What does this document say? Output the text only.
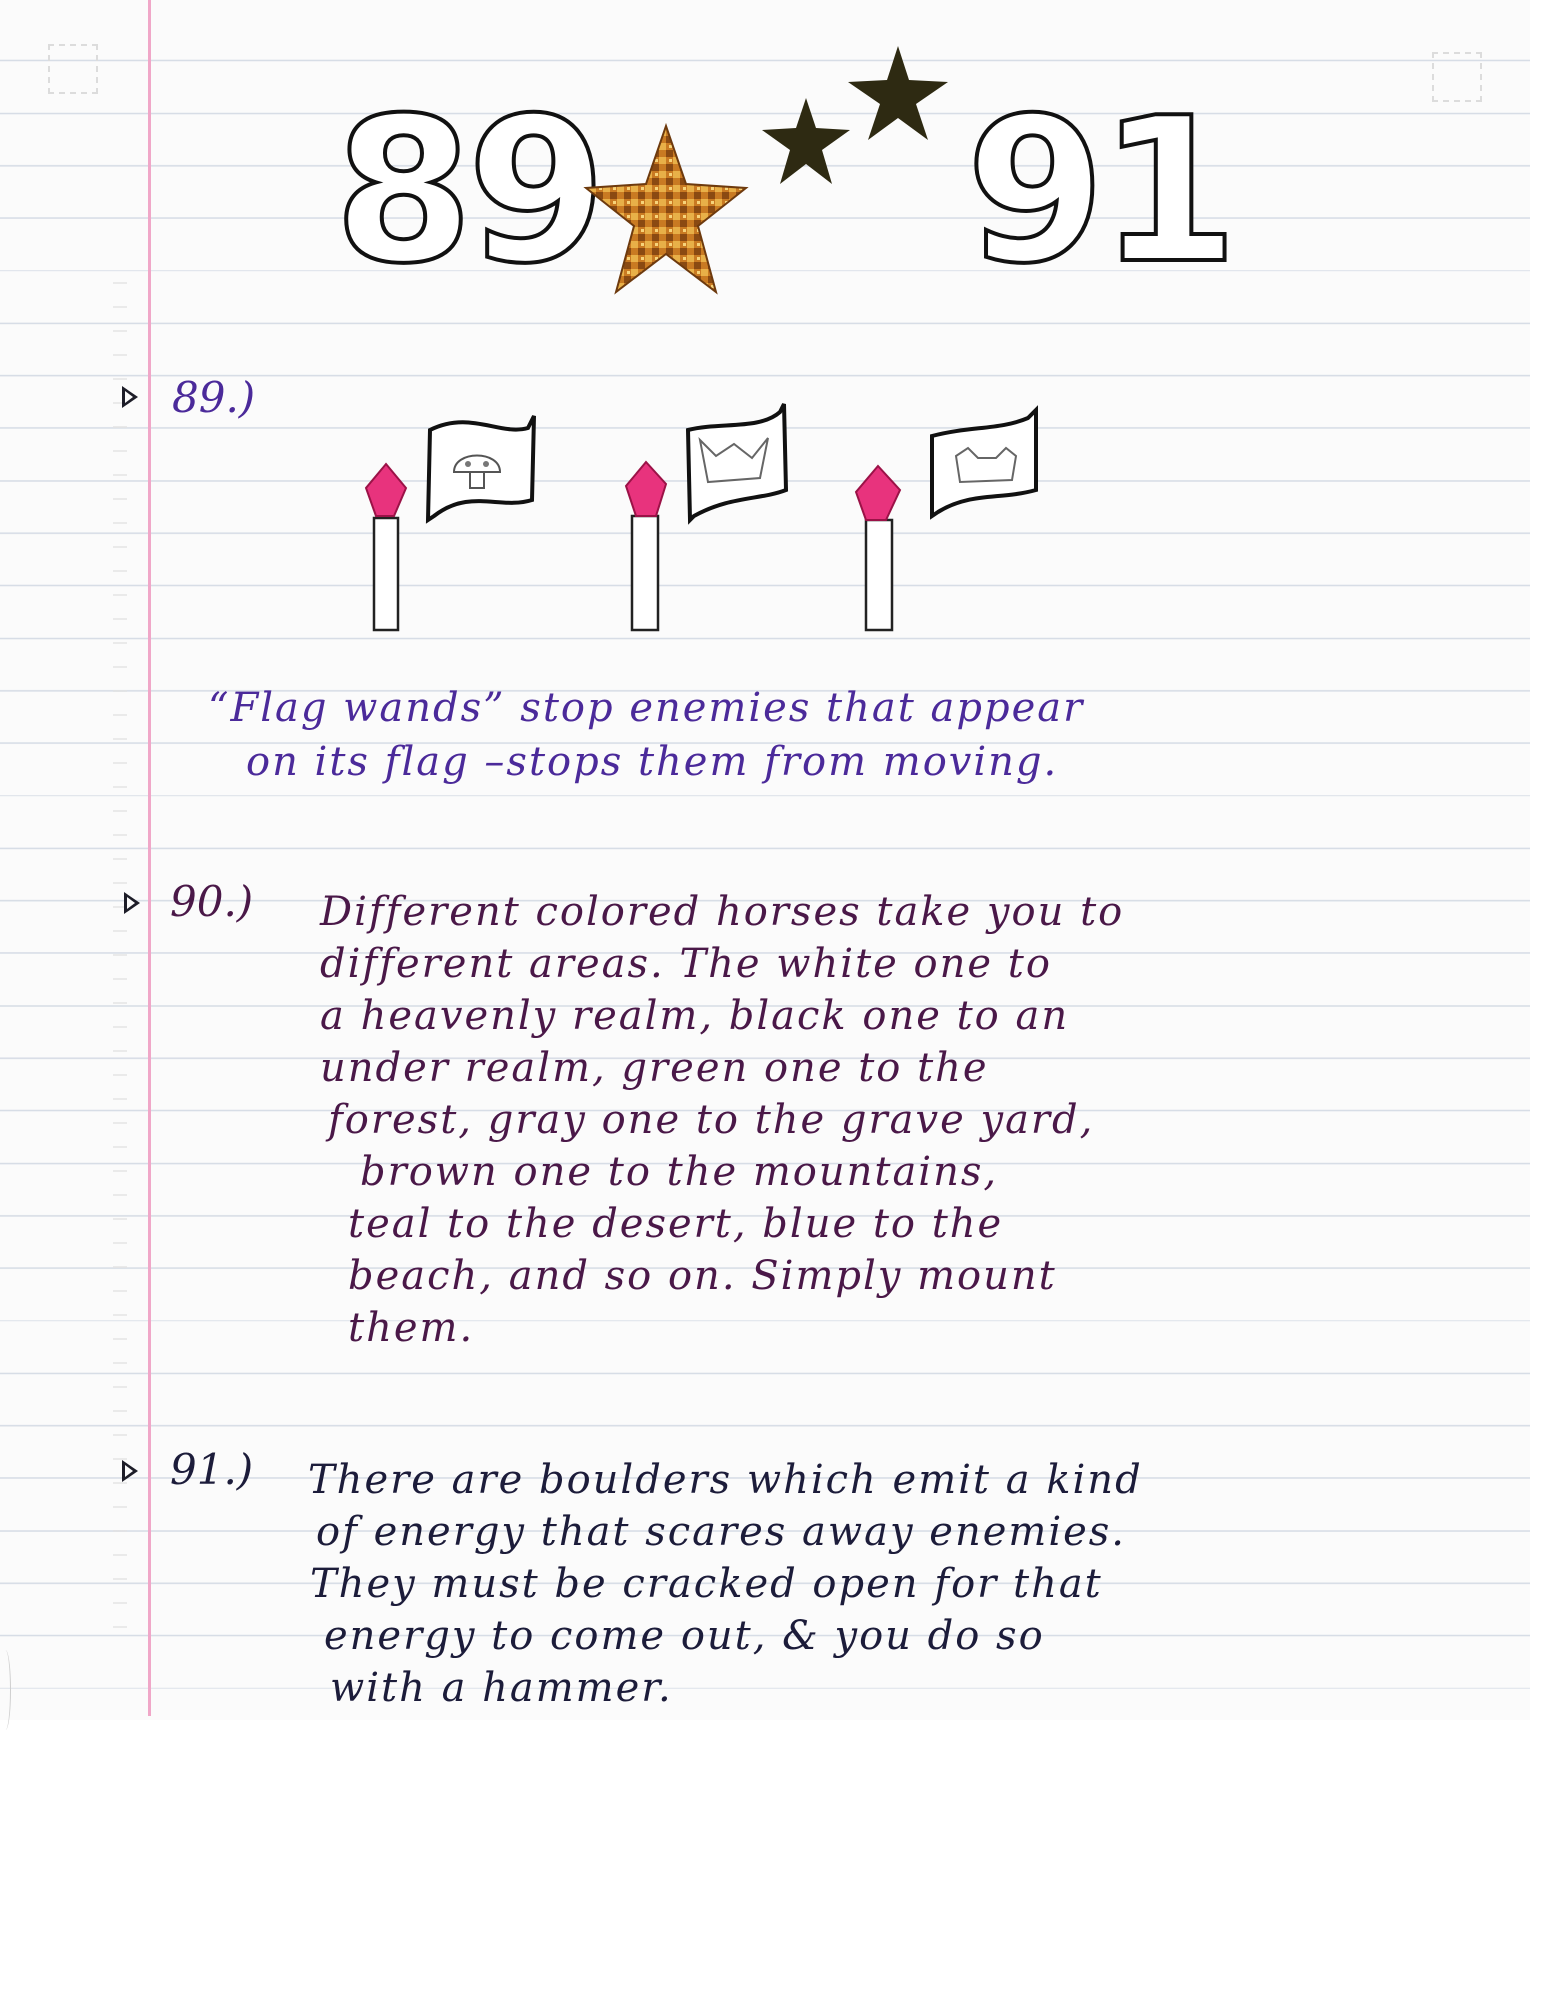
89 91
89.)
“Flag wands” stop enemies that appear
on its flag –stops them from moving.
90.) Different colored horses take you to
different areas. The white one to
a heavenly realm, black one to an
under realm, green one to the
forest, gray one to the grave yard,
brown one to the mountains,
teal to the desert, blue to the
beach, and so on. Simply mount
them.
91.) There are boulders which emit a kind
of energy that scares away enemies.
They must be cracked open for that
energy to come out, & you do so
with a hammer.
